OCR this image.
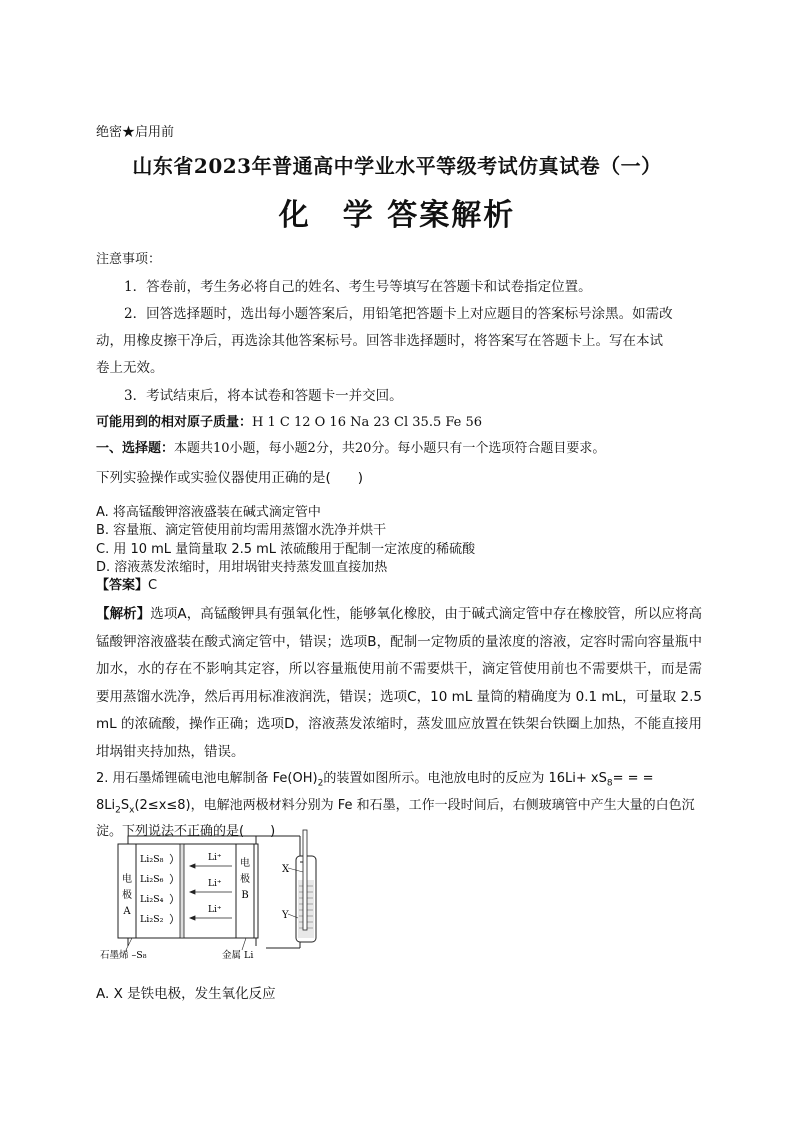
绝密★启用前
山东省2023年普通高中学业水平等级考试仿真试卷（一）
化　学 答案解析
注意事项：
1．答卷前，考生务必将自己的姓名、考生号等填写在答题卡和试卷指定位置。
2．回答选择题时，选出每小题答案后，用铅笔把答题卡上对应题目的答案标号涂黑。如需改
动，用橡皮擦干净后，再选涂其他答案标号。回答非选择题时，将答案写在答题卡上。写在本试
卷上无效。
3．考试结束后，将本试卷和答题卡一并交回。
可能用到的相对原子质量：H 1 C 12 O 16 Na 23 Cl 35.5 Fe 56
一、选择题：本题共10小题，每小题2分，共20分。每小题只有一个选项符合题目要求。
下列实验操作或实验仪器使用正确的是(　　)
A. 将高锰酸钾溶液盛装在碱式滴定管中
B. 容量瓶、滴定管使用前均需用蒸馏水洗净并烘干
C. 用 10 mL 量筒量取 2.5 mL 浓硫酸用于配制一定浓度的稀硫酸
D. 溶液蒸发浓缩时，用坩埚钳夹持蒸发皿直接加热
【答案】C
【解析】选项A，高锰酸钾具有强氧化性，能够氧化橡胶，由于碱式滴定管中存在橡胶管，所以应将高锰酸钾溶液盛装在酸式滴定管中，错误；选项B，配制一定物质的量浓度的溶液，定容时需向容量瓶中加水，水的存在不影响其定容，所以容量瓶使用前不需要烘干，滴定管使用前也不需要烘干，而是需要用蒸馏水洗净，然后再用标准液润洗，错误；选项C，10 mL 量筒的精确度为 0.1 mL，可量取 2.5 mL 的浓硫酸，操作正确；选项D，溶液蒸发浓缩时，蒸发皿应放置在铁架台铁圈上加热，不能直接用坩埚钳夹持加热，错误。
2. 用石墨烯锂硫电池电解制备 $Fe(OH)_2$的装置如图所示。电池放电时的反应为 $16Li+ xS_8=$ = = $8Li_2S_x(2\le x\le 8)$，电解池两极材料分别为 Fe 和石墨，工作一段时间后，右侧玻璃管中产生大量的白色沉淀。下列说法不正确的是(　　)
电
极
A
Li₂S₈
Li₂S₆
Li₂S₄
Li₂S₂
Li⁺
Li⁺
Li⁺
电
极
B
石墨烯 –S₈	金属 Li
X
Y
A. X 是铁电极，发生氧化反应
